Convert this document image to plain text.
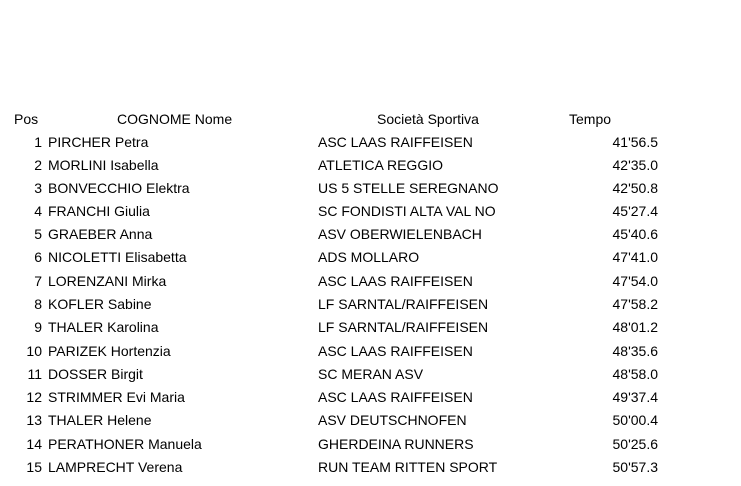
Pos	COGNOME Nome	Società Sportiva	Tempo
1 PIRCHER Petra	ASC LAAS RAIFFEISEN	41'56.5
2 MORLINI Isabella	ATLETICA REGGIO	42'35.0
3 BONVECCHIO Elektra	US 5 STELLE SEREGNANO	42'50.8
4 FRANCHI Giulia	SC FONDISTI ALTA VAL NO	45'27.4
5 GRAEBER Anna	ASV OBERWIELENBACH	45'40.6
6 NICOLETTI Elisabetta	ADS MOLLARO	47'41.0
7 LORENZANI Mirka	ASC LAAS RAIFFEISEN	47'54.0
8 KOFLER Sabine	LF SARNTAL/RAIFFEISEN	47'58.2
9 THALER Karolina	LF SARNTAL/RAIFFEISEN	48'01.2
10 PARIZEK Hortenzia	ASC LAAS RAIFFEISEN	48'35.6
11 DOSSER Birgit	SC MERAN ASV	48'58.0
12 STRIMMER Evi Maria	ASC LAAS RAIFFEISEN	49'37.4
13 THALER Helene	ASV DEUTSCHNOFEN	50'00.4
14 PERATHONER Manuela	GHERDEINA RUNNERS	50'25.6
15 LAMPRECHT Verena	RUN TEAM RITTEN SPORT	50'57.3
